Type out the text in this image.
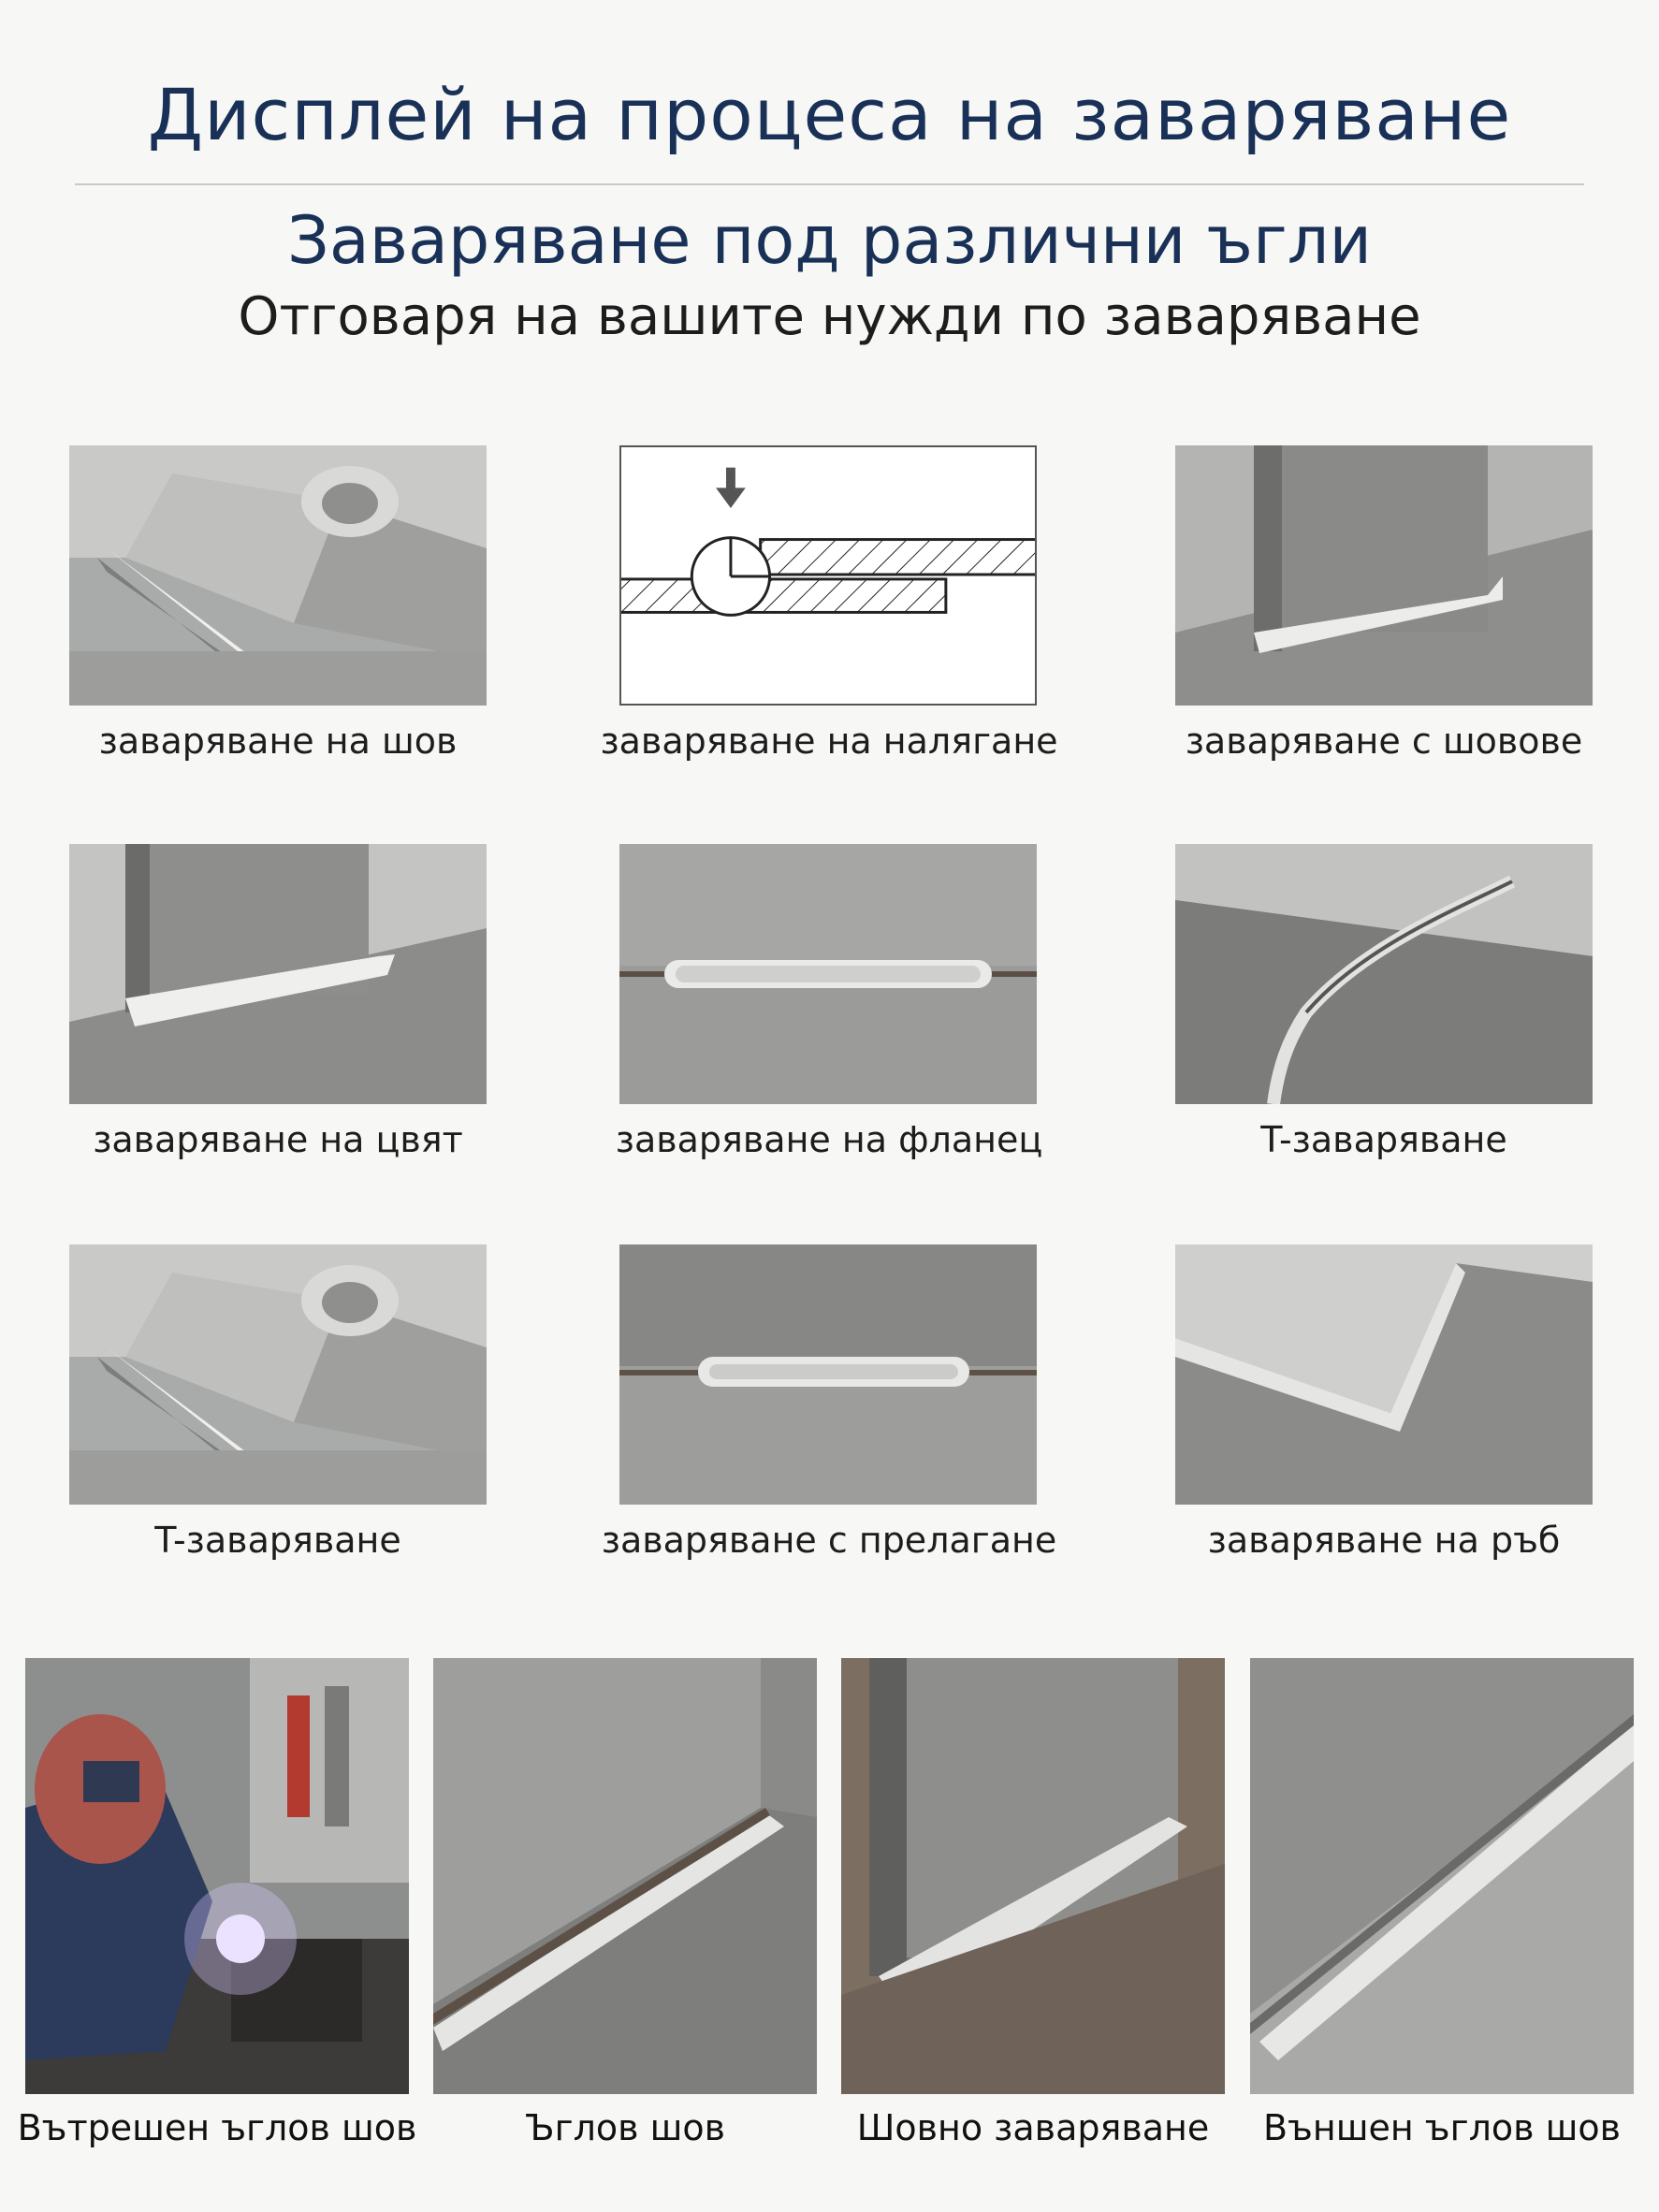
Дисплей на процеса на заваряване
Заваряване под различни ъгли
Отговаря на вашите нужди по заваряване
заваряване на шов	заваряване на налягане	заваряване с шовове
заваряване на цвят	заваряване на фланец	T-заваряване
T-заваряване	заваряване с прелагане	заваряване на ръб
Вътрешен ъглов шов	Ъглов шов	Шовно заваряване	Външен ъглов шов
